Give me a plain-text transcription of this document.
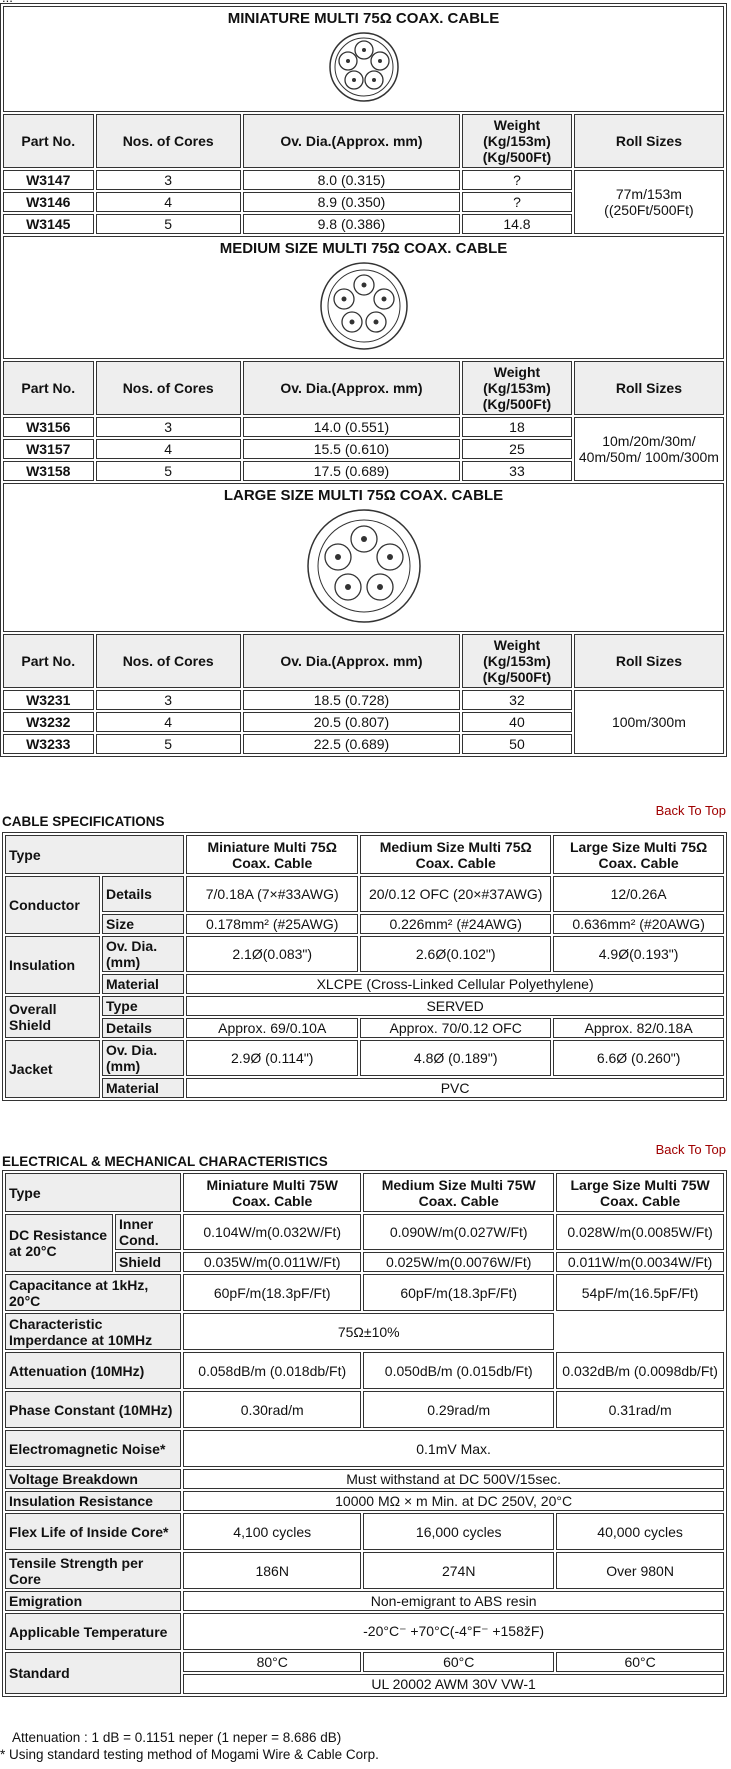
MINIATURE MULTI 75Ω COAX. CABLE				

Part No.	Nos. of Cores	Ov. Dia.(Approx. mm)	Weight (Kg/153m) (Kg/500Ft)	Roll Sizes
W3147	3	8.0 (0.315)	?	77m/153m ((250Ft/500Ft)
W3146	4	8.9 (0.350)	?	
W3145	5	9.8 (0.386)	14.8	

MEDIUM SIZE MULTI 75Ω COAX. CABLE				

Part No.	Nos. of Cores	Ov. Dia.(Approx. mm)	Weight (Kg/153m) (Kg/500Ft)	Roll Sizes
W3156	3	14.0 (0.551)	18	10m/20m/30m/ 40m/50m/ 100m/300m
W3157	4	15.5 (0.610)	25	
W3158	5	17.5 (0.689)	33	

LARGE SIZE MULTI 75Ω COAX. CABLE				

Part No.	Nos. of Cores	Ov. Dia.(Approx. mm)	Weight (Kg/153m) (Kg/500Ft)	Roll Sizes
W3231	3	18.5 (0.728)	32	100m/300m
W3232	4	20.5 (0.807)	40	
W3233	5	22.5 (0.689)	50	
Back To Top
CABLE SPECIFICATIONS
Type		Miniature Multi 75Ω Coax. Cable	Medium Size Multi 75Ω Coax. Cable	Large Size Multi 75Ω Coax. Cable
Conductor	Details	7/0.18A (7×#33AWG)	20/0.12 OFC (20×#37AWG)	12/0.26A
	Size	0.178mm² (#25AWG)	0.226mm² (#24AWG)	0.636mm² (#20AWG)
Insulation	Ov. Dia. (mm)	2.1Ø(0.083")	2.6Ø(0.102")	4.9Ø(0.193")
	Material	XLCPE (Cross-Linked Cellular Polyethylene)		
Overall Shield	Type	SERVED		
	Details	Approx. 69/0.10A	Approx. 70/0.12 OFC	Approx. 82/0.18A
Jacket	Ov. Dia. (mm)	2.9Ø (0.114")	4.8Ø (0.189")	6.6Ø (0.260")
	Material	PVC		
Back To Top
ELECTRICAL & MECHANICAL CHARACTERISTICS
Type		Miniature Multi 75W Coax. Cable	Medium Size Multi 75W Coax. Cable	Large Size Multi 75W Coax. Cable
DC Resistance at 20°C	Inner Cond.	0.104W/m(0.032W/Ft)	0.090W/m(0.027W/Ft)	0.028W/m(0.0085W/Ft)
	Shield	0.035W/m(0.011W/Ft)	0.025W/m(0.0076W/Ft)	0.011W/m(0.0034W/Ft)
Capacitance at 1kHz, 20°C		60pF/m(18.3pF/Ft)	60pF/m(18.3pF/Ft)	54pF/m(16.5pF/Ft)
Characteristic Imperdance at 10MHz		75Ω±10%		
Attenuation (10MHz)		0.058dB/m (0.018db/Ft)	0.050dB/m (0.015db/Ft)	0.032dB/m (0.0098db/Ft)
Phase Constant (10MHz)		0.30rad/m	0.29rad/m	0.31rad/m
Electromagnetic Noise*		0.1mV Max.		
Voltage Breakdown		Must withstand at DC 500V/15sec.		
Insulation Resistance		10000 MΩ × m Min. at DC 250V, 20°C		
Flex Life of Inside Core*		4,100 cycles	16,000 cycles	40,000 cycles
Tensile Strength per Core		186N	274N	Over 980N
Emigration		Non-emigrant to ABS resin		
Applicable Temperature		-20°C⁻ +70°C(-4°F⁻ +158žF)		
Standard		80°C	60°C	60°C
		UL 20002 AWM 30V VW-1		
Attenuation : 1 dB = 0.1151 neper (1 neper = 8.686 dB)
* Using standard testing method of Mogami Wire & Cable Corp.
